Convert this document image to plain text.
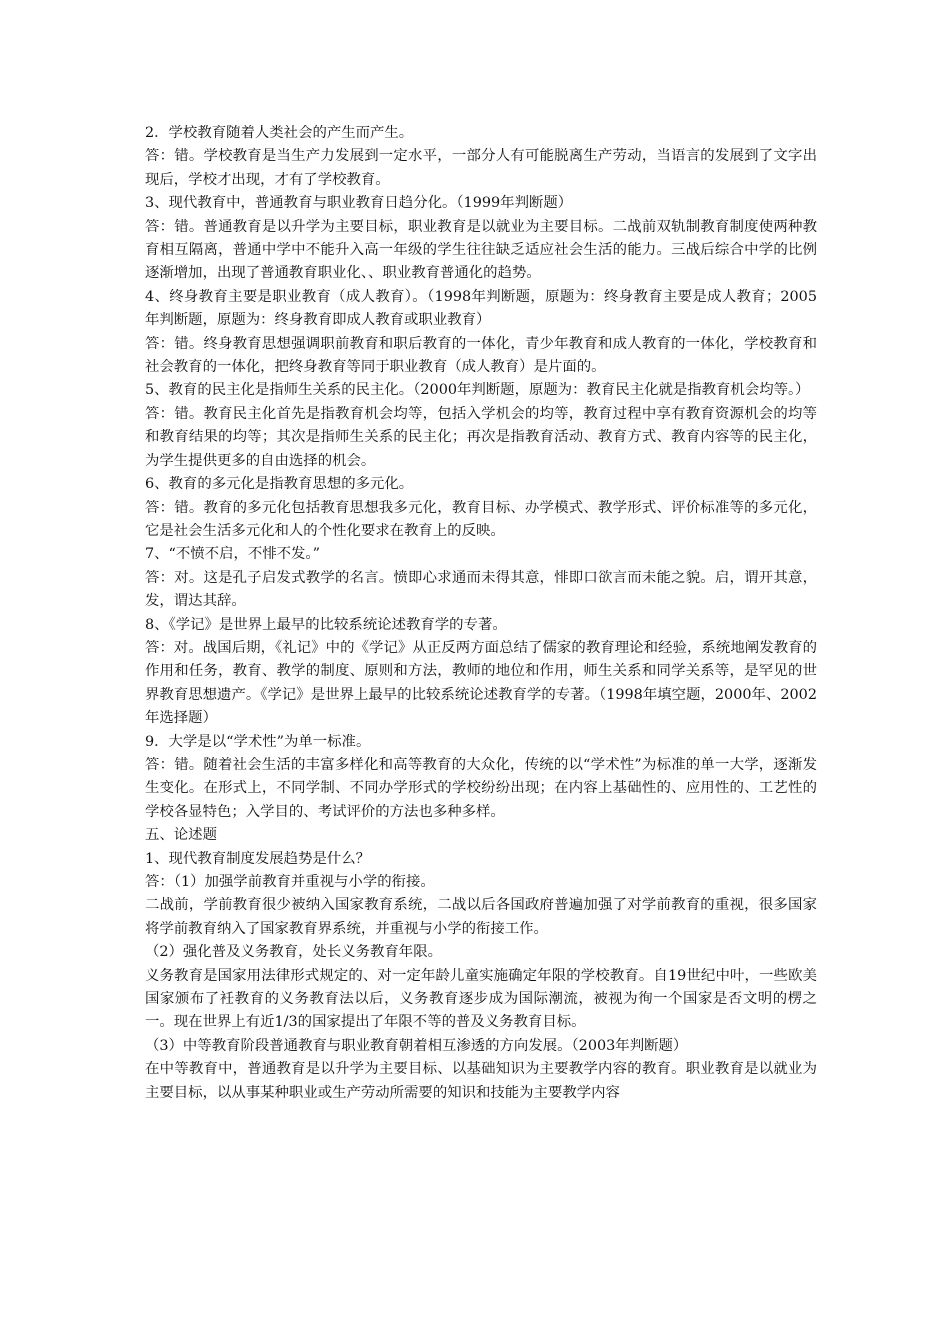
2．学校教育随着人类社会的产生而产生。

答：错。学校教育是当生产力发展到一定水平，一部分人有可能脱离生产劳动，当语言的发展到了文字出现后，学校才出现，才有了学校教育。

3、现代教育中，普通教育与职业教育日趋分化。（1999年判断题）

答：错。普通教育是以升学为主要目标，职业教育是以就业为主要目标。二战前双轨制教育制度使两种教育相互隔离，普通中学中不能升入高一年级的学生往往缺乏适应社会生活的能力。三战后综合中学的比例逐渐增加，出现了普通教育职业化、、职业教育普通化的趋势。

4、终身教育主要是职业教育（成人教育）。（1998年判断题，原题为：终身教育主要是成人教育；2005年判断题，原题为：终身教育即成人教育或职业教育）

答：错。终身教育思想强调职前教育和职后教育的一体化，青少年教育和成人教育的一体化，学校教育和社会教育的一体化，把终身教育等同于职业教育（成人教育）是片面的。

5、教育的民主化是指师生关系的民主化。（2000年判断题，原题为：教育民主化就是指教育机会均等。）

答：错。教育民主化首先是指教育机会均等，包括入学机会的均等，教育过程中享有教育资源机会的均等和教育结果的均等；其次是指师生关系的民主化；再次是指教育活动、教育方式、教育内容等的民主化，为学生提供更多的自由选择的机会。

6、教育的多元化是指教育思想的多元化。

答：错。教育的多元化包括教育思想我多元化，教育目标、办学模式、教学形式、评价标准等的多元化，它是社会生活多元化和人的个性化要求在教育上的反映。

7、“不愤不启，不悱不发。”

答：对。这是孔子启发式教学的名言。愤即心求通而未得其意，悱即口欲言而未能之貌。启，谓开其意，发，谓达其辞。

8、《学记》是世界上最早的比较系统论述教育学的专著。

答：对。战国后期，《礼记》中的《学记》从正反两方面总结了儒家的教育理论和经验，系统地阐发教育的作用和任务，教育、教学的制度、原则和方法，教师的地位和作用，师生关系和同学关系等，是罕见的世界教育思想遗产。《学记》是世界上最早的比较系统论述教育学的专著。（1998年填空题，2000年、2002年选择题）

9．大学是以“学术性”为单一标准。

答：错。随着社会生活的丰富多样化和高等教育的大众化，传统的以“学术性”为标准的单一大学，逐渐发生变化。在形式上，不同学制、不同办学形式的学校纷纷出现；在内容上基础性的、应用性的、工艺性的学校各显特色；入学目的、考试评价的方法也多种多样。

五、论述题

1、现代教育制度发展趋势是什么？

答：（1）加强学前教育并重视与小学的衔接。

二战前，学前教育很少被纳入国家教育系统，二战以后各国政府普遍加强了对学前教育的重视，很多国家将学前教育纳入了国家教育界系统，并重视与小学的衔接工作。

（2）强化普及义务教育，处长义务教育年限。

义务教育是国家用法律形式规定的、对一定年龄儿童实施确定年限的学校教育。自19世纪中叶，一些欧美国家颁布了衽教育的义务教育法以后，义务教育逐步成为国际潮流，被视为徇一个国家是否文明的楞之一。现在世界上有近1/3的国家提出了年限不等的普及义务教育目标。

（3）中等教育阶段普通教育与职业教育朝着相互渗透的方向发展。（2003年判断题）

在中等教育中，普通教育是以升学为主要目标、以基础知识为主要教学内容的教育。职业教育是以就业为主要目标，以从事某种职业或生产劳动所需要的知识和技能为主要教学内容
